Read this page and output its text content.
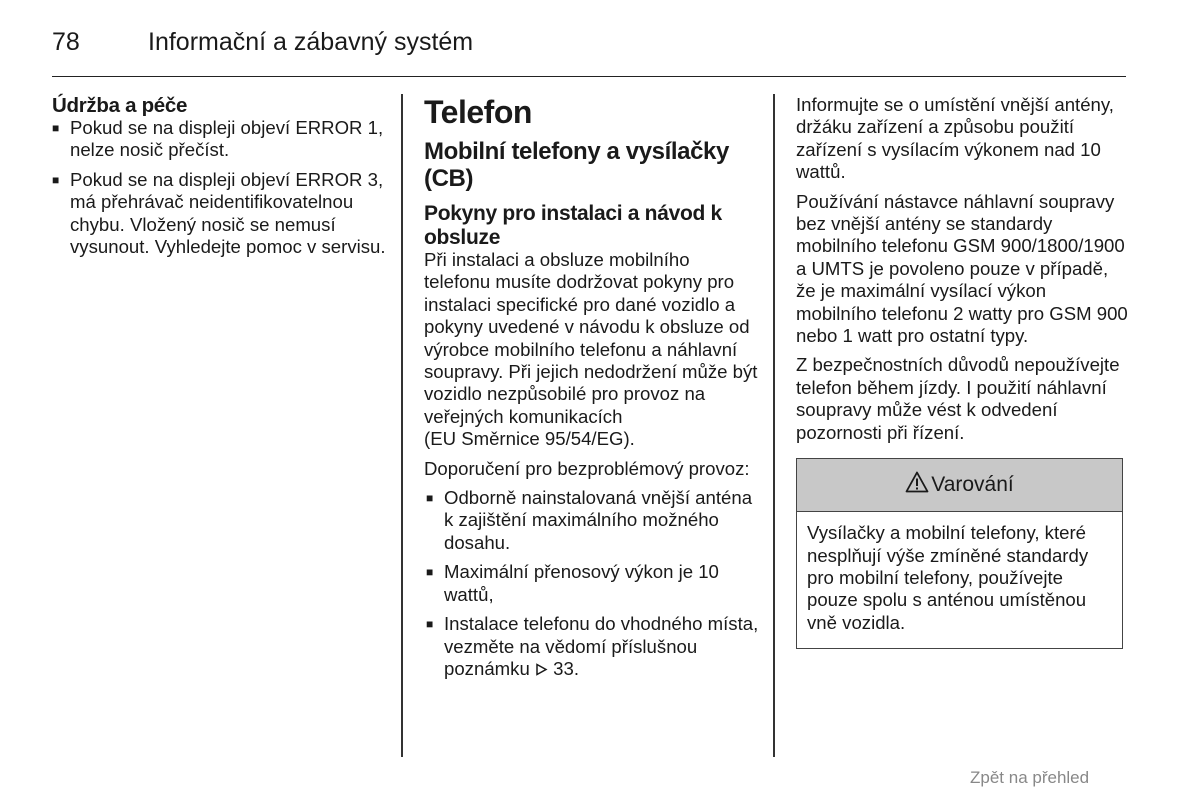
78	Informační a zábavný systém
Údržba a péče
■ Pokud se na displeji objeví ERROR 1, nelze nosič přečíst.
■ Pokud se na displeji objeví ERROR 3, má přehrávač neidentifikovatelnou chybu. Vložený nosič se nemusí vysunout. Vyhledejte pomoc v servisu.
Telefon
Mobilní telefony a vysílačky (CB)
Pokyny pro instalaci a návod k obsluze

Při instalaci a obsluze mobilního telefonu musíte dodržovat pokyny pro instalaci specifické pro dané vozidlo a pokyny uvedené v návodu k obsluze od výrobce mobilního telefonu a náhlavní soupravy. Při jejich nedodržení může být vozidlo nezpůsobilé pro provoz na veřejných komunikacích

(EU Směrnice 95/54/EG).

Doporučení pro bezproblémový provoz:

■ Odborně nainstalovaná vnější anténa k zajištění maximálního možného dosahu.
■ Maximální přenosový výkon je 10 wattů,
■ Instalace telefonu do vhodného místa, vezměte na vědomí příslušnou poznámku 33.

Informujte se o umístění vnější antény, držáku zařízení a způsobu použití zařízení s vysílacím výkonem nad 10 wattů.

Používání nástavce náhlavní soupravy bez vnější antény se standardy mobilního telefonu GSM 900/1800/1900 a UMTS je povoleno pouze v případě, že je maximální vysílací výkon mobilního telefonu 2 watty pro GSM 900 nebo 1 watt pro ostatní typy.

Z bezpečnostních důvodů nepoužívejte telefon během jízdy. I použití náhlavní soupravy může vést k odvedení pozornosti při řízení.

Varování
Vysílačky a mobilní telefony, které nesplňují výše zmíněné standardy pro mobilní telefony, používejte pouze spolu s anténou umístěnou vně vozidla.
Zpět na přehled
